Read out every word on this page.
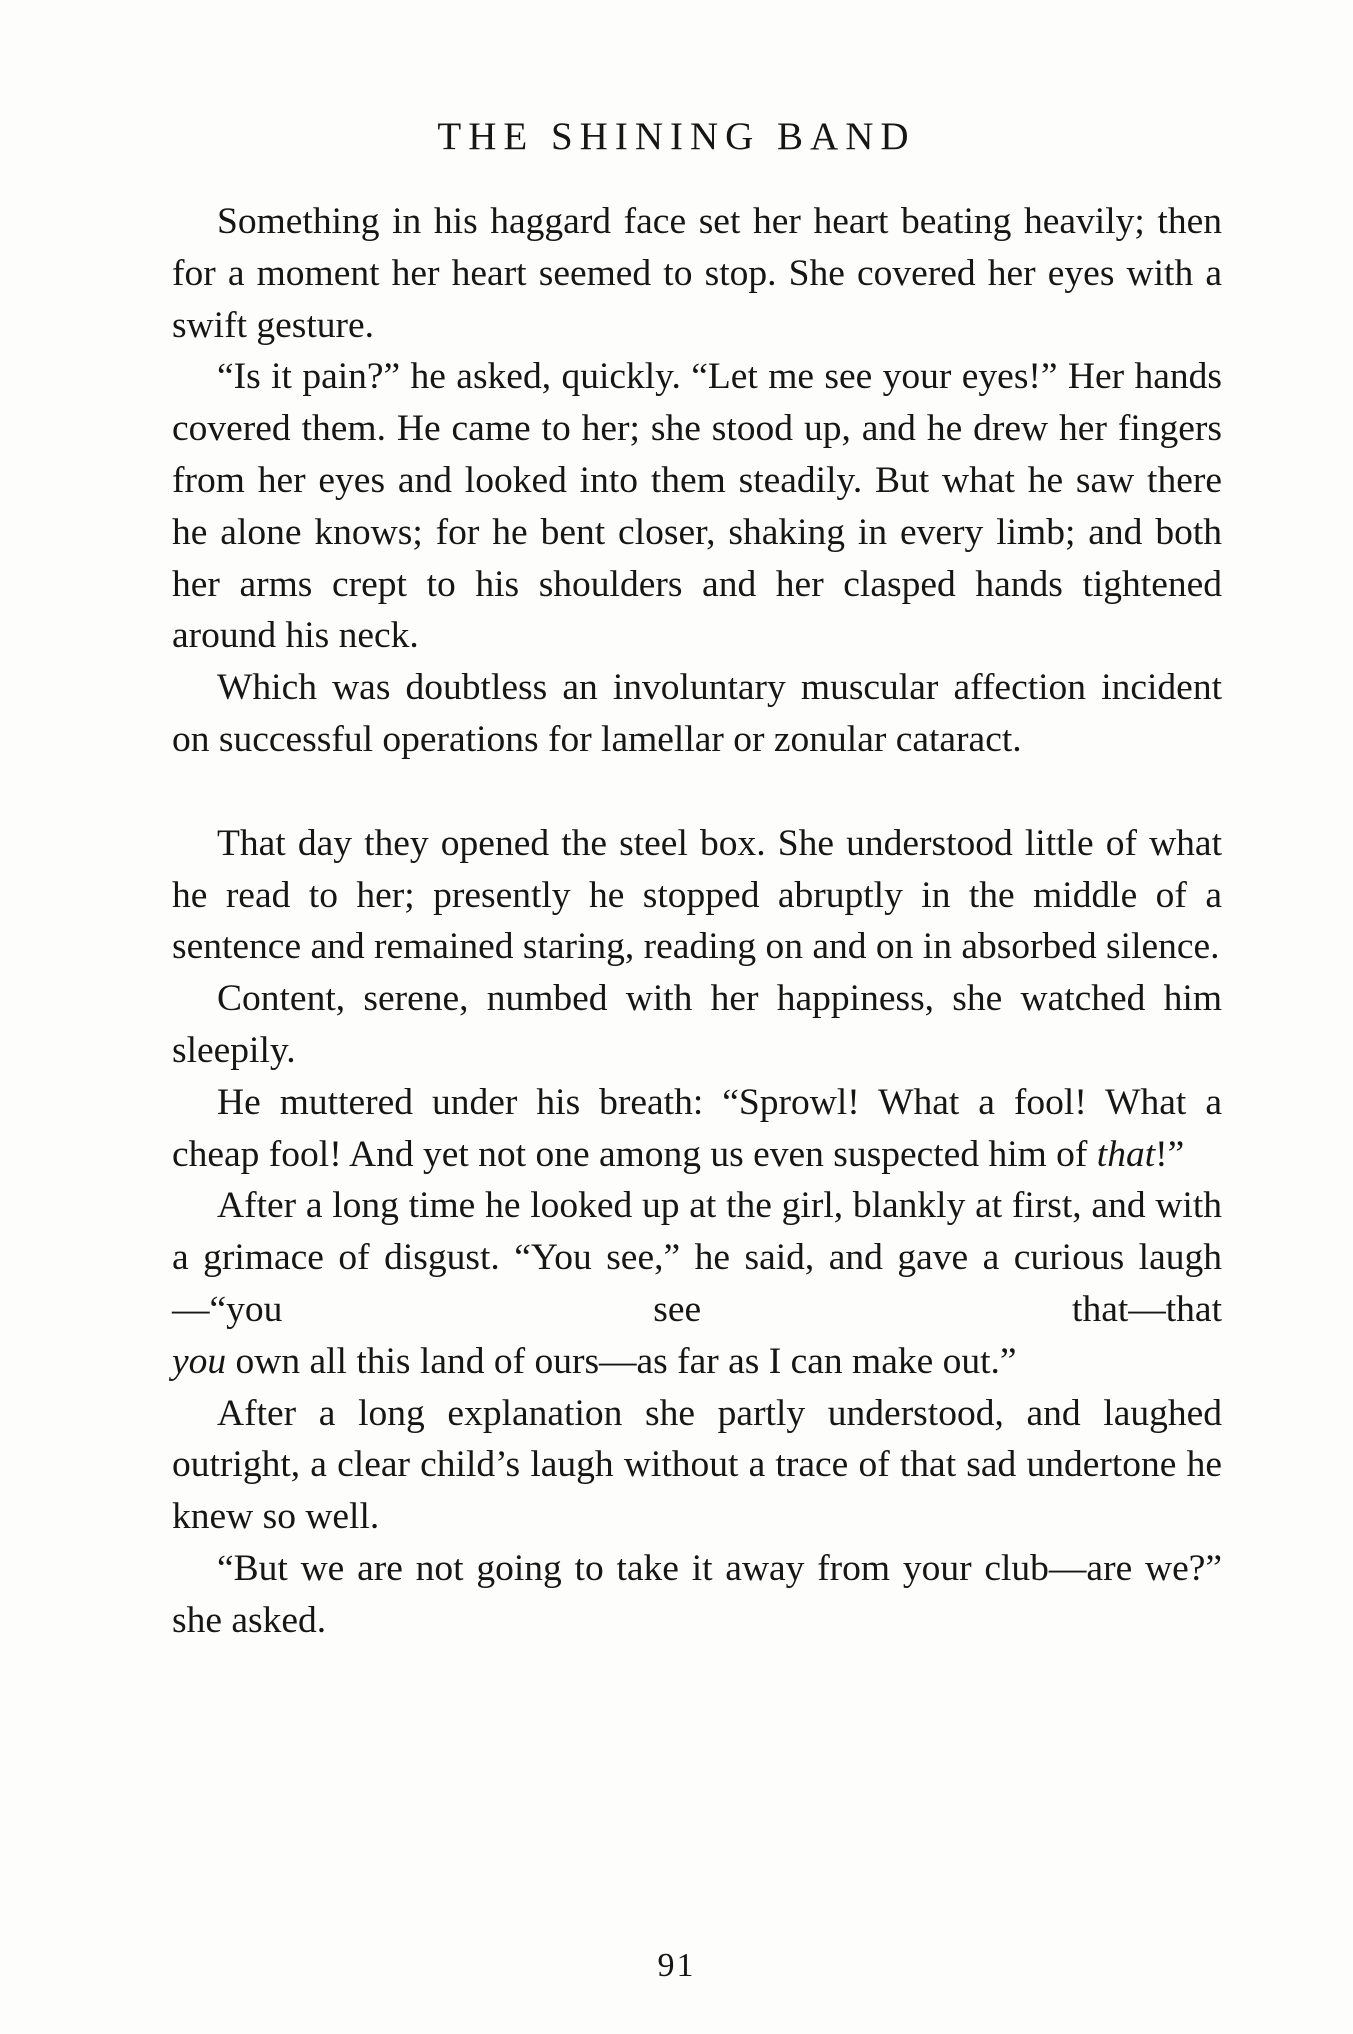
THE SHINING BAND

Something in his haggard face set her heart beating heavily; then for a moment her heart seemed to stop. She covered her eyes with a swift gesture.

“Is it pain?” he asked, quickly. “Let me see your eyes!” Her hands covered them. He came to her; she stood up, and he drew her fingers from her eyes and looked into them steadily. But what he saw there he alone knows; for he bent closer, shaking in every limb; and both her arms crept to his shoulders and her clasped hands tightened around his neck.

Which was doubtless an involuntary muscular affection incident on successful operations for lamellar or zonular cataract.

That day they opened the steel box. She understood little of what he read to her; presently he stopped abruptly in the middle of a sentence and remained staring, reading on and on in absorbed silence.

Content, serene, numbed with her happiness, she watched him sleepily.

He muttered under his breath: “Sprowl! What a fool! What a cheap fool! And yet not one among us even suspected him of that!”

After a long time he looked up at the girl, blankly at first, and with a grimace of disgust. “You see,” he said, and gave a curious laugh—“you see that—that

you own all this land of ours—as far as I can make out.”

After a long explanation she partly understood, and laughed outright, a clear child’s laugh without a trace of that sad undertone he knew so well.

“But we are not going to take it away from your club—are we?” she asked.

91
